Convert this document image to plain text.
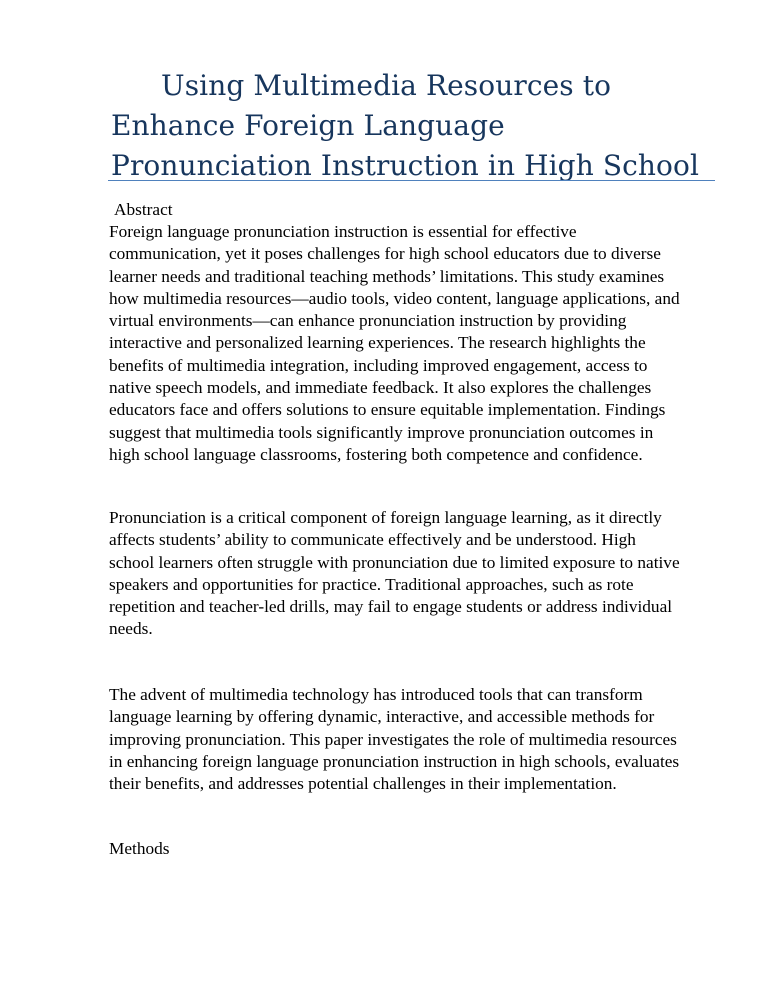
Using Multimedia Resources to
Enhance Foreign Language
Pronunciation Instruction in High School
Abstract
Foreign language pronunciation instruction is essential for effective
communication, yet it poses challenges for high school educators due to diverse
learner needs and traditional teaching methods’ limitations. This study examines
how multimedia resources—audio tools, video content, language applications, and
virtual environments—can enhance pronunciation instruction by providing
interactive and personalized learning experiences. The research highlights the
benefits of multimedia integration, including improved engagement, access to
native speech models, and immediate feedback. It also explores the challenges
educators face and offers solutions to ensure equitable implementation. Findings
suggest that multimedia tools significantly improve pronunciation outcomes in
high school language classrooms, fostering both competence and confidence.
Pronunciation is a critical component of foreign language learning, as it directly
affects students’ ability to communicate effectively and be understood. High
school learners often struggle with pronunciation due to limited exposure to native
speakers and opportunities for practice. Traditional approaches, such as rote
repetition and teacher-led drills, may fail to engage students or address individual
needs.
The advent of multimedia technology has introduced tools that can transform
language learning by offering dynamic, interactive, and accessible methods for
improving pronunciation. This paper investigates the role of multimedia resources
in enhancing foreign language pronunciation instruction in high schools, evaluates
their benefits, and addresses potential challenges in their implementation.
Methods
